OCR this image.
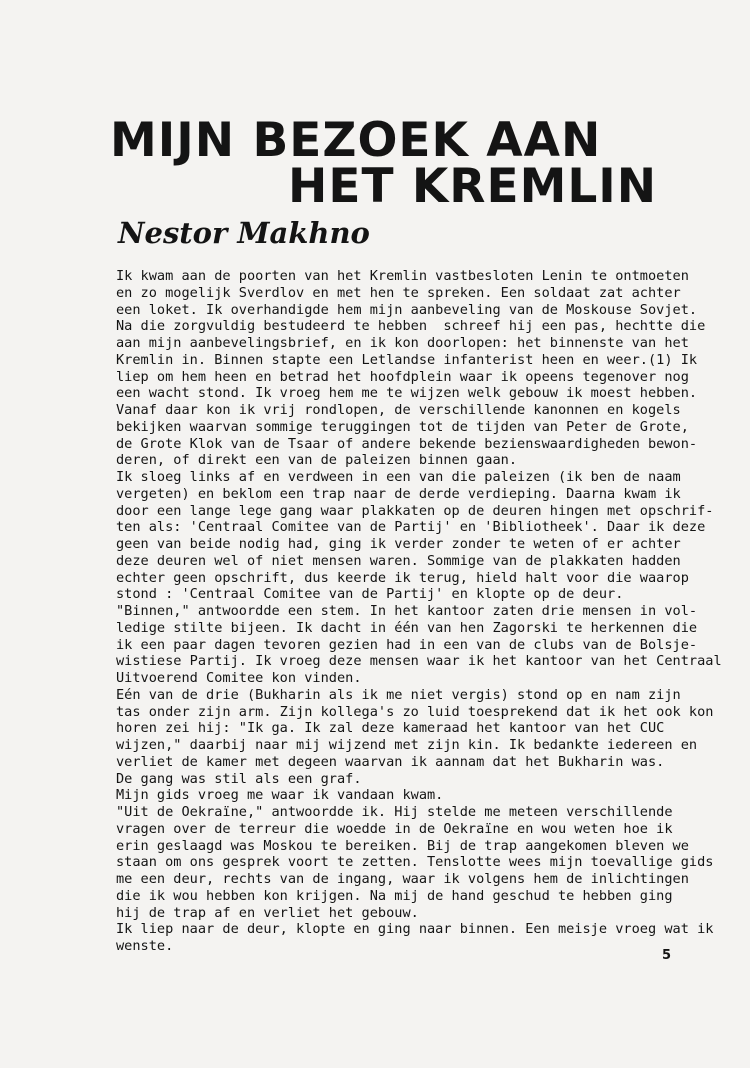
MIJN BEZOEK AAN
HET KREMLIN
Nestor Makhno
Ik kwam aan de poorten van het Kremlin vastbesloten Lenin te ontmoeten
en zo mogelijk Sverdlov en met hen te spreken. Een soldaat zat achter
een loket. Ik overhandigde hem mijn aanbeveling van de Moskouse Sovjet.
Na die zorgvuldig bestudeerd te hebben  schreef hij een pas, hechtte die
aan mijn aanbevelingsbrief, en ik kon doorlopen: het binnenste van het
Kremlin in. Binnen stapte een Letlandse infanterist heen en weer.(1) Ik
liep om hem heen en betrad het hoofdplein waar ik opeens tegenover nog
een wacht stond. Ik vroeg hem me te wijzen welk gebouw ik moest hebben.
Vanaf daar kon ik vrij rondlopen, de verschillende kanonnen en kogels
bekijken waarvan sommige teruggingen tot de tijden van Peter de Grote,
de Grote Klok van de Tsaar of andere bekende bezienswaardigheden bewon-
deren, of direkt een van de paleizen binnen gaan.
Ik sloeg links af en verdween in een van die paleizen (ik ben de naam
vergeten) en beklom een trap naar de derde verdieping. Daarna kwam ik
door een lange lege gang waar plakkaten op de deuren hingen met opschrif-
ten als: 'Centraal Comitee van de Partij' en 'Bibliotheek'. Daar ik deze
geen van beide nodig had, ging ik verder zonder te weten of er achter
deze deuren wel of niet mensen waren. Sommige van de plakkaten hadden
echter geen opschrift, dus keerde ik terug, hield halt voor die waarop
stond : 'Centraal Comitee van de Partij' en klopte op de deur.
"Binnen," antwoordde een stem. In het kantoor zaten drie mensen in vol-
ledige stilte bijeen. Ik dacht in één van hen Zagorski te herkennen die
ik een paar dagen tevoren gezien had in een van de clubs van de Bolsje-
wistiese Partij. Ik vroeg deze mensen waar ik het kantoor van het Centraal
Uitvoerend Comitee kon vinden.
Eén van de drie (Bukharin als ik me niet vergis) stond op en nam zijn
tas onder zijn arm. Zijn kollega's zo luid toesprekend dat ik het ook kon
horen zei hij: "Ik ga. Ik zal deze kameraad het kantoor van het CUC
wijzen," daarbij naar mij wijzend met zijn kin. Ik bedankte iedereen en
verliet de kamer met degeen waarvan ik aannam dat het Bukharin was.
De gang was stil als een graf.
Mijn gids vroeg me waar ik vandaan kwam.
"Uit de Oekraïne," antwoordde ik. Hij stelde me meteen verschillende
vragen over de terreur die woedde in de Oekraïne en wou weten hoe ik
erin geslaagd was Moskou te bereiken. Bij de trap aangekomen bleven we
staan om ons gesprek voort te zetten. Tenslotte wees mijn toevallige gids
me een deur, rechts van de ingang, waar ik volgens hem de inlichtingen
die ik wou hebben kon krijgen. Na mij de hand geschud te hebben ging
hij de trap af en verliet het gebouw.
Ik liep naar de deur, klopte en ging naar binnen. Een meisje vroeg wat ik
wenste.
5
